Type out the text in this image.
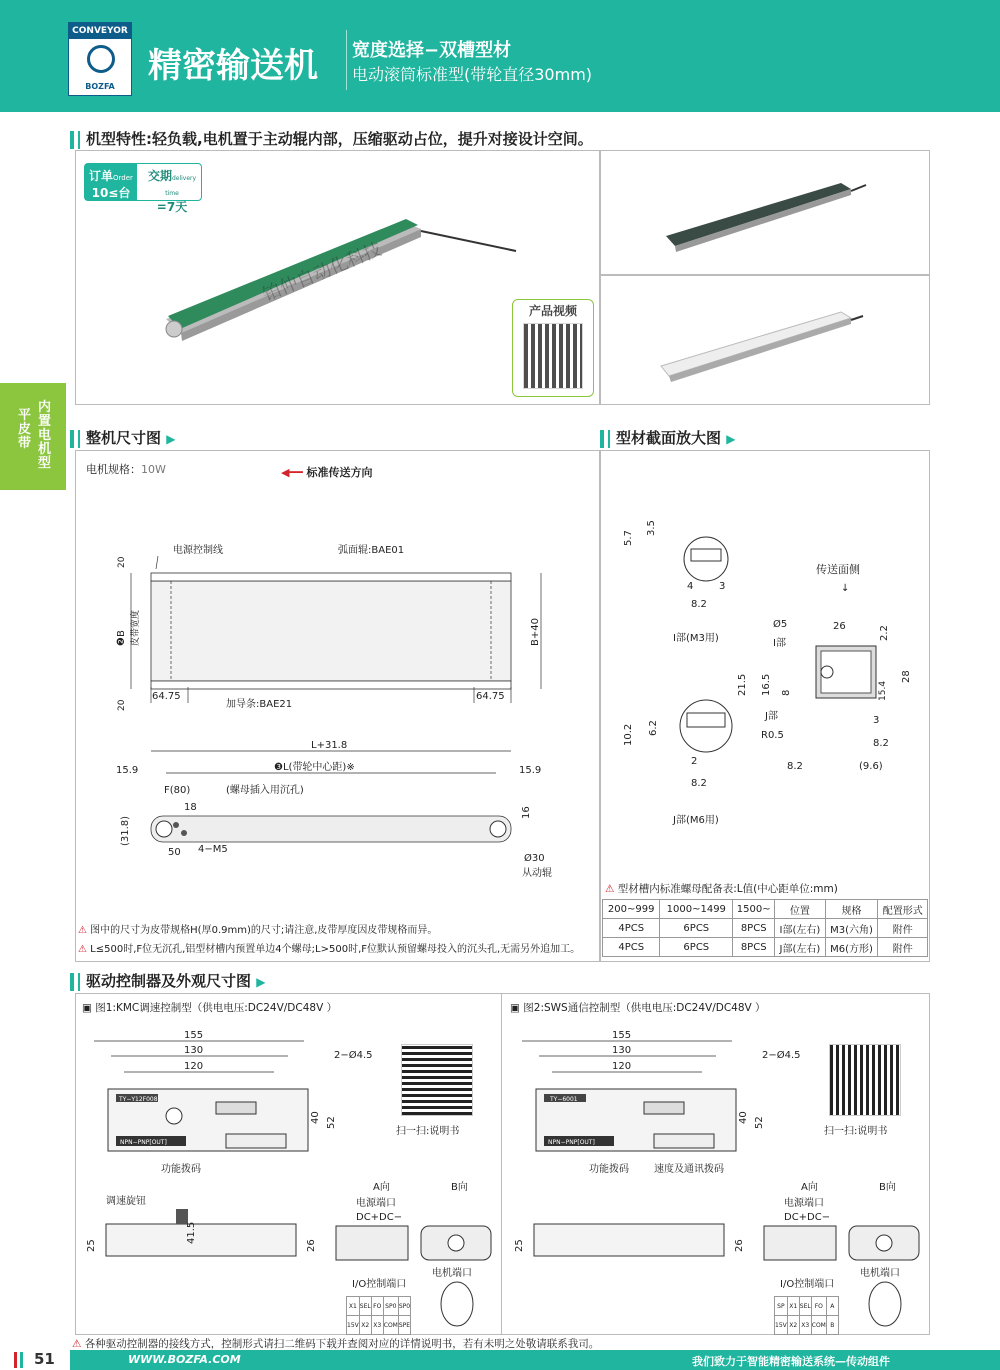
CONVEYOR
BOZFA
精密输送机 宽度选择−双槽型材
电动滚筒标准型(带轮直径30mm)
内置电机型
平皮带
机型特性:轻负载,电机置于主动辊内部，压缩驱动占位，提升对接设计空间。
订单Order
10≤台
交期delivery time
=7天
铂仲自动化科技
产品视频
整机尺寸图 ▶
电机规格：10W	◀━━ 标准传送方向
20
20
❷B 皮带宽度	B+40
电源控制线	弧面辊:BAE01
加导条:BAE21
64.75	64.75
L+31.8
❸L(带轮中心距)※
15.9	15.9
F(80)	(螺母插入用沉孔)
18
(31.8)
50 4−M5
16
Ø30
从动辊
⚠ 图中的尺寸为皮带规格H(厚0.9mm)的尺寸;请注意,皮带厚度因皮带规格而异。
⚠ L≤500时,F位无沉孔,铝型材槽内预置单边4个螺母;L>500时,F位默认预留螺母投入的沉头孔,无需另外追加工。
型材截面放大图 ▶
5.7
3.5
4	3
8.2
I部(M3用)
10.2 6.2
2
8.2
J部(M6用)
传送面侧
↓
Ø5	26
I部
2.2
21.5 16.5 8	15.4
28
J部
R0.5
3
8.2
8.2	(9.6)
⚠ 型材槽内标准螺母配备表:L值(中心距单位:mm)
200~999	1000~1499	1500~	位置	规格	配置形式
4PCS	6PCS	8PCS	I部(左右)	M3(六角)	附件
4PCS	6PCS	8PCS	J部(左右)	M6(方形)	附件
驱动控制器及外观尺寸图 ▶
▣ 图1:KMC调速控制型（供电电压:DC24V/DC48V ）	▣ 图2:SWS通信控制型（供电电压:DC24V/DC48V ）
155
130
120
2−Ø4.5
TY−Y12F008
NPN−PNP[OUT]
40 52
功能拨码
调速旋钮
25
41.5
26
A向	B向
电源端口
DC+DC−
电机端口
I/O控制端口
扫一扫:说明书
X1	SEL	FO	SP0	SP0
15V	X2	X3	COM	SPE
155
130
120
2−Ø4.5
TY−6001
NPN−PNP[OUT]
40 52
功能拨码	速度及通讯拨码
25	26
A向	B向
电源端口
DC+DC−
电机端口
I/O控制端口
扫一扫:说明书
SP	X1	SEL	FO	A
15V	X2	X3	COM	B
⚠ 各种驱动控制器的接线方式，控制形式请扫二维码下载并查阅对应的详情说明书，若有未明之处敬请联系我司。
51	WWW.BOZFA.COM	我们致力于智能精密输送系统—传动组件
